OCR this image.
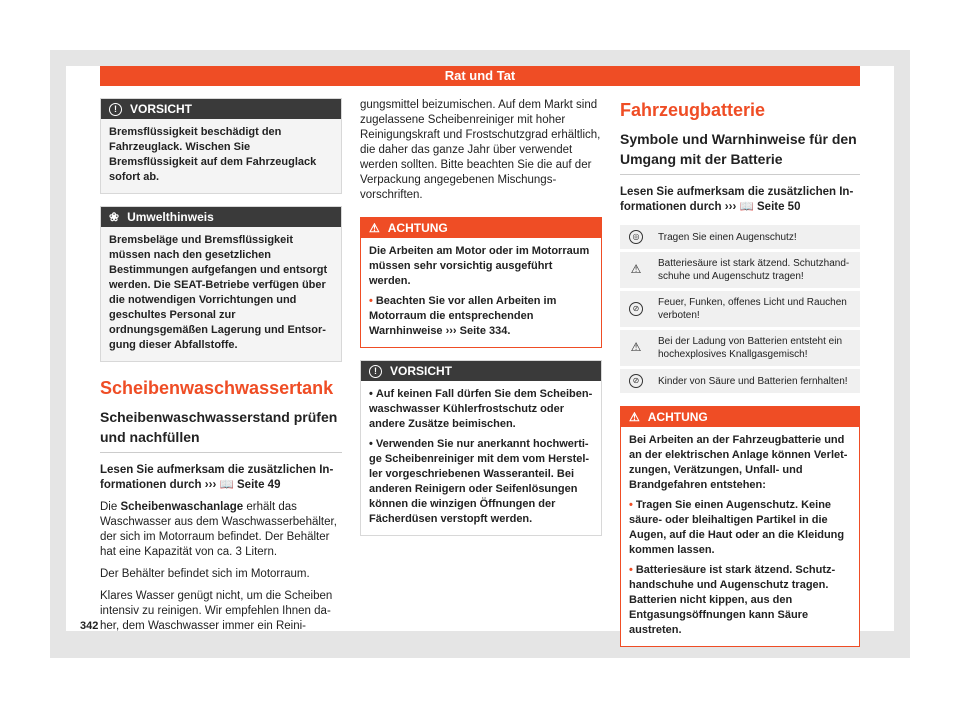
Rat und Tat
!	VORSICHT
Bremsflüssigkeit beschädigt den Fahrzeuglack. Wischen Sie Bremsflüssigkeit auf dem Fahrzeuglack sofort ab.
❀ Umwelthinweis
Bremsbeläge und Bremsflüssigkeit müssen nach den gesetzlichen Bestimmungen aufgefangen und entsorgt werden. Die SEAT-Betriebe verfügen über die notwendigen Vorrichtungen und geschultes Personal zur ordnungsgemäßen Lagerung und Entsorgung dieser Abfallstoffe.
Scheibenwaschwassertank
Scheibenwaschwasserstand prüfen und nachfüllen

Lesen Sie aufmerksam die zusätzlichen Informationen durch ››› 📖 Seite 49

Die Scheibenwaschanlage erhält das Waschwasser aus dem Waschwasserbehälter, der sich im Motorraum befindet. Der Behälter hat eine Kapazität von ca. 3 Litern.

Der Behälter befindet sich im Motorraum.

Klares Wasser genügt nicht, um die Scheiben intensiv zu reinigen. Wir empfehlen Ihnen daher, dem Waschwasser immer ein Reini-

gungsmittel beizumischen. Auf dem Markt sind zugelassene Scheibenreiniger mit hoher Reinigungskraft und Frostschutzgrad erhältlich, die daher das ganze Jahr über verwendet werden sollten. Bitte beachten Sie die auf der Verpackung angegebenen Mischungsvorschriften.

⚠ ACHTUNG
Die Arbeiten am Motor oder im Motorraum müssen sehr vorsichtig ausgeführt werden.
• Beachten Sie vor allen Arbeiten im Motorraum die entsprechenden Warnhinweise ››› Seite 334.
!	VORSICHT
• Auf keinen Fall dürfen Sie dem Scheibenwaschwasser Kühlerfrostschutz oder andere Zusätze beimischen.
• Verwenden Sie nur anerkannt hochwertige Scheibenreiniger mit dem vom Hersteller vorgeschriebenen Wasseranteil. Bei anderen Reinigern oder Seifenlösungen können die winzigen Öffnungen der Fächerdüsen verstopft werden.
Fahrzeugbatterie
Symbole und Warnhinweise für den Umgang mit der Batterie

Lesen Sie aufmerksam die zusätzlichen Informationen durch ››› 📖 Seite 50

◎	Tragen Sie einen Augenschutz!
⚠	Batteriesäure ist stark ätzend. Schutzhandschuhe und Augenschutz tragen!
⊘	Feuer, Funken, offenes Licht und Rauchen verboten!
⚠	Bei der Ladung von Batterien entsteht ein hochexplosives Knallgasgemisch!
⊘	Kinder von Säure und Batterien fernhalten!
⚠ ACHTUNG
Bei Arbeiten an der Fahrzeugbatterie und an der elektrischen Anlage können Verletzungen, Verätzungen, Unfall- und Brandgefahren entstehen:
• Tragen Sie einen Augenschutz. Keine säure- oder bleihaltigen Partikel in die Augen, auf die Haut oder an die Kleidung kommen lassen.
• Batteriesäure ist stark ätzend. Schutzhandschuhe und Augenschutz tragen. Batterien nicht kippen, aus den Entgasungsöffnungen kann Säure austreten.
342
